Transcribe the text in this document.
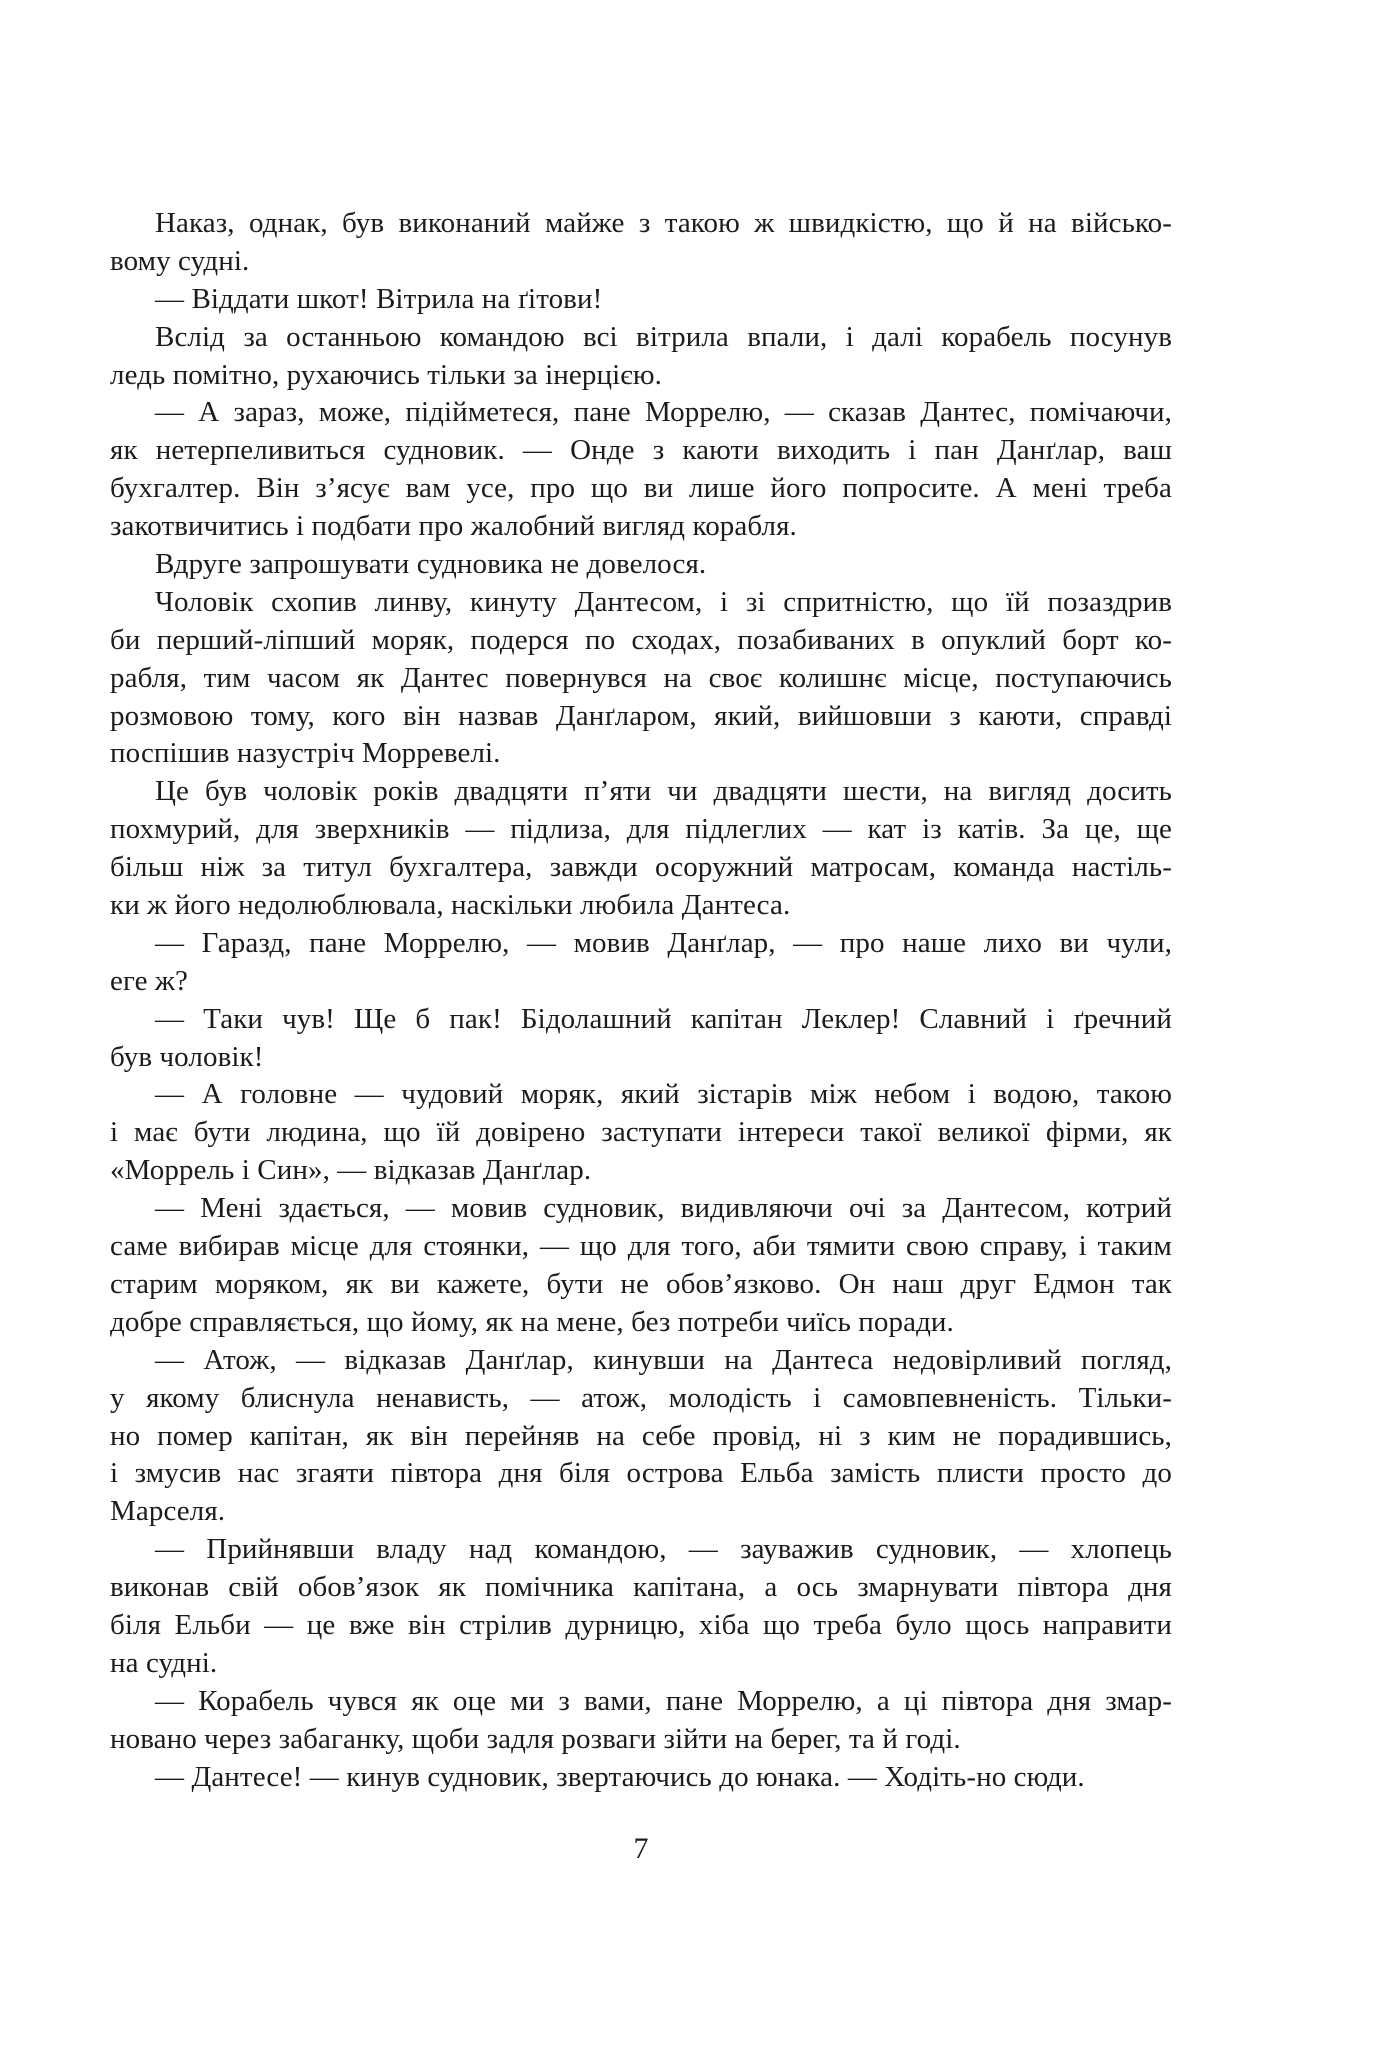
Наказ, однак, був виконаний майже з такою ж швидкістю, що й на військо-
вому судні.
— Віддати шкот! Вітрила на ґітови!
Вслід за останньою командою всі вітрила впали, і далі корабель посунув
ледь помітно, рухаючись тільки за інерцією.
— А зараз, може, підійметеся, пане Моррелю, — сказав Дантес, помічаючи,
як нетерпеливиться судновик. — Онде з каюти виходить і пан Данґлар, ваш
бухгалтер. Він з’ясує вам усе, про що ви лише його попросите. А мені треба
закотвичитись і подбати про жалобний вигляд корабля.
Вдруге запрошувати судновика не довелося.
Чоловік схопив линву, кинуту Дантесом, і зі спритністю, що їй позаздрив
би перший-ліпший моряк, подерся по сходах, позабиваних в опуклий борт ко-
рабля, тим часом як Дантес повернувся на своє колишнє місце, поступаючись
розмовою тому, кого він назвав Данґларом, який, вийшовши з каюти, справді
поспішив назустріч Морревелі.
Це був чоловік років двадцяти п’яти чи двадцяти шести, на вигляд досить
похмурий, для зверхників — підлиза, для підлеглих — кат із катів. За це, ще
більш ніж за титул бухгалтера, завжди осоружний матросам, команда настіль-
ки ж його недолюблювала, наскільки любила Дантеса.
— Гаразд, пане Моррелю, — мовив Данґлар, — про наше лихо ви чули,
еге ж?
— Таки чув! Ще б пак! Бідолашний капітан Леклер! Славний і ґречний
був чоловік!
— А головне — чудовий моряк, який зістарів між небом і водою, такою
і має бути людина, що їй довірено заступати інтереси такої великої фірми, як
«Моррель і Син», — відказав Данґлар.
— Мені здається, — мовив судновик, видивляючи очі за Дантесом, котрий
саме вибирав місце для стоянки, — що для того, аби тямити свою справу, і таким
старим моряком, як ви кажете, бути не обов’язково. Он наш друг Едмон так
добре справляється, що йому, як на мене, без потреби чиїсь поради.
— Атож, — відказав Данґлар, кинувши на Дантеса недовірливий погляд,
у якому блиснула ненависть, — атож, молодість і самовпевненість. Тільки-
но помер капітан, як він перейняв на себе провід, ні з ким не порадившись,
і змусив нас згаяти півтора дня біля острова Ельба замість плисти просто до
Марселя.
— Прийнявши владу над командою, — зауважив судновик, — хлопець
виконав свій обов’язок як помічника капітана, а ось змарнувати півтора дня
біля Ельби — це вже він стрілив дурницю, хіба що треба було щось направити
на судні.
— Корабель чувся як оце ми з вами, пане Моррелю, а ці півтора дня змар-
новано через забаганку, щоби задля розваги зійти на берег, та й годі.
— Дантесе! — кинув судновик, звертаючись до юнака. — Ходіть-но сюди.
7
